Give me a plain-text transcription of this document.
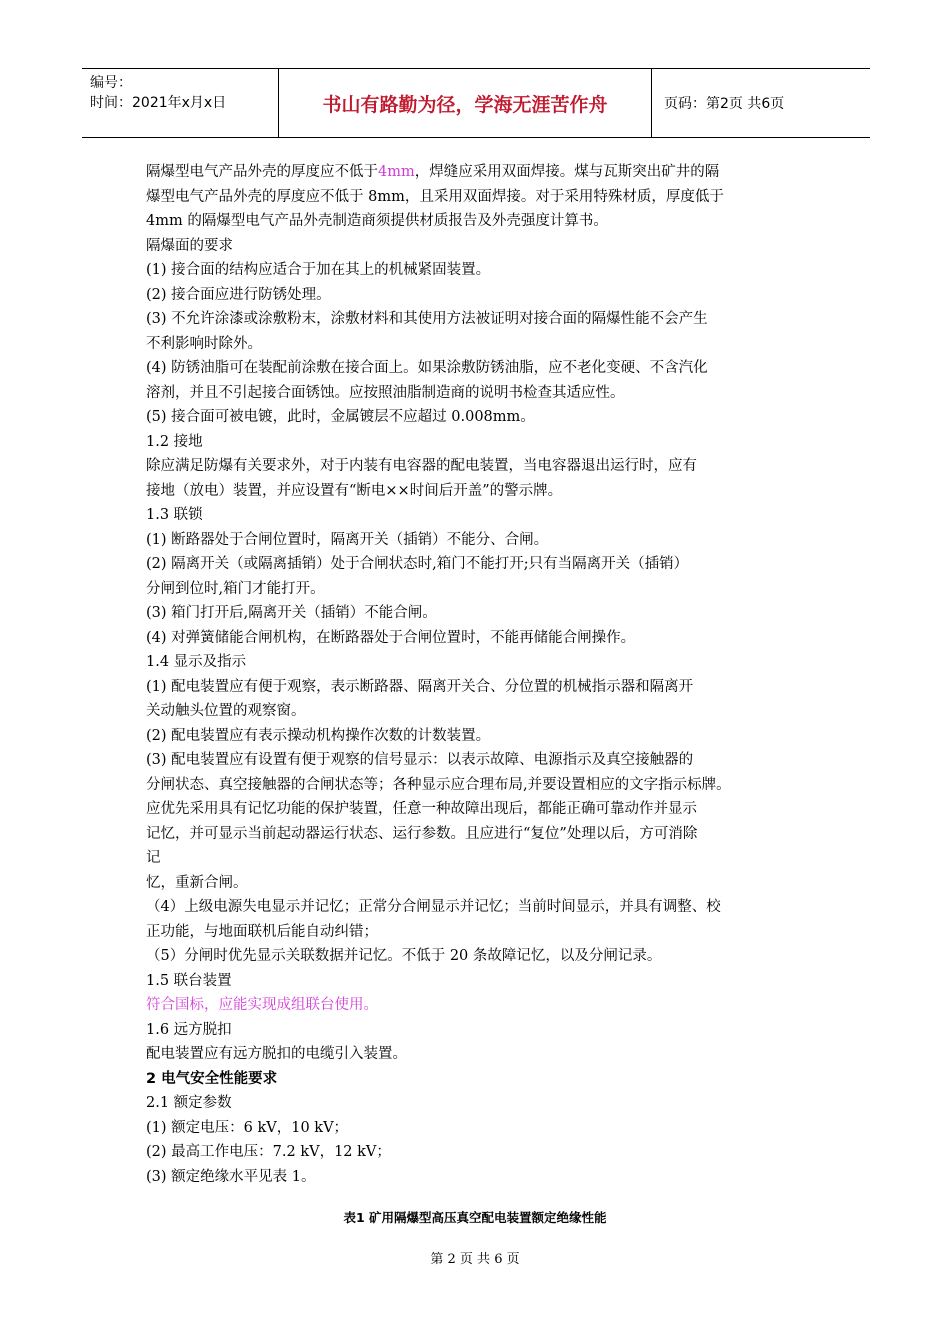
编号：
时间：2021年x月x日	书山有路勤为径，学海无涯苦作舟	页码：第2页 共6页

隔爆型电气产品外壳的厚度应不低于4mm，焊缝应采用双面焊接。煤与瓦斯突出矿井的隔

爆型电气产品外壳的厚度应不低于 8mm，且采用双面焊接。对于采用特殊材质，厚度低于

4mm 的隔爆型电气产品外壳制造商须提供材质报告及外壳强度计算书。

隔爆面的要求

(1) 接合面的结构应适合于加在其上的机械紧固装置。

(2) 接合面应进行防锈处理。

(3) 不允许涂漆或涂敷粉末，涂敷材料和其使用方法被证明对接合面的隔爆性能不会产生

不利影响时除外。

(4) 防锈油脂可在装配前涂敷在接合面上。如果涂敷防锈油脂，应不老化变硬、不含汽化

溶剂，并且不引起接合面锈蚀。应按照油脂制造商的说明书检查其适应性。

(5) 接合面可被电镀，此时，金属镀层不应超过 0.008mm。

1.2 接地

除应满足防爆有关要求外，对于内装有电容器的配电装置，当电容器退出运行时，应有

接地（放电）装置，并应设置有“断电××时间后开盖”的警示牌。

1.3 联锁

(1) 断路器处于合闸位置时，隔离开关（插销）不能分、合闸。

(2) 隔离开关（或隔离插销）处于合闸状态时,箱门不能打开;只有当隔离开关（插销）

分闸到位时,箱门才能打开。

(3) 箱门打开后,隔离开关（插销）不能合闸。

(4) 对弹簧储能合闸机构，在断路器处于合闸位置时，不能再储能合闸操作。

1.4 显示及指示

(1) 配电装置应有便于观察，表示断路器、隔离开关合、分位置的机械指示器和隔离开

关动触头位置的观察窗。

(2) 配电装置应有表示操动机构操作次数的计数装置。

(3) 配电装置应有设置有便于观察的信号显示：以表示故障、电源指示及真空接触器的

分闸状态、真空接触器的合闸状态等；各种显示应合理布局,并要设置相应的文字指示标牌。

应优先采用具有记忆功能的保护装置，任意一种故障出现后，都能正确可靠动作并显示

记忆，并可显示当前起动器运行状态、运行参数。且应进行“复位”处理以后，方可消除

记

忆，重新合闸。

（4）上级电源失电显示并记忆；正常分合闸显示并记忆；当前时间显示，并具有调整、校

正功能，与地面联机后能自动纠错；

（5）分闸时优先显示关联数据并记忆。不低于 20 条故障记忆，以及分闸记录。

1.5 联台装置

符合国标，应能实现成组联台使用。

1.6 远方脱扣

配电装置应有远方脱扣的电缆引入装置。

2 电气安全性能要求

2.1 额定参数

(1) 额定电压：6 kV，10 kV；

(2) 最高工作电压：7.2 kV，12 kV；

(3) 额定绝缘水平见表 1。

表1 矿用隔爆型高压真空配电装置额定绝缘性能
第 2 页 共 6 页
